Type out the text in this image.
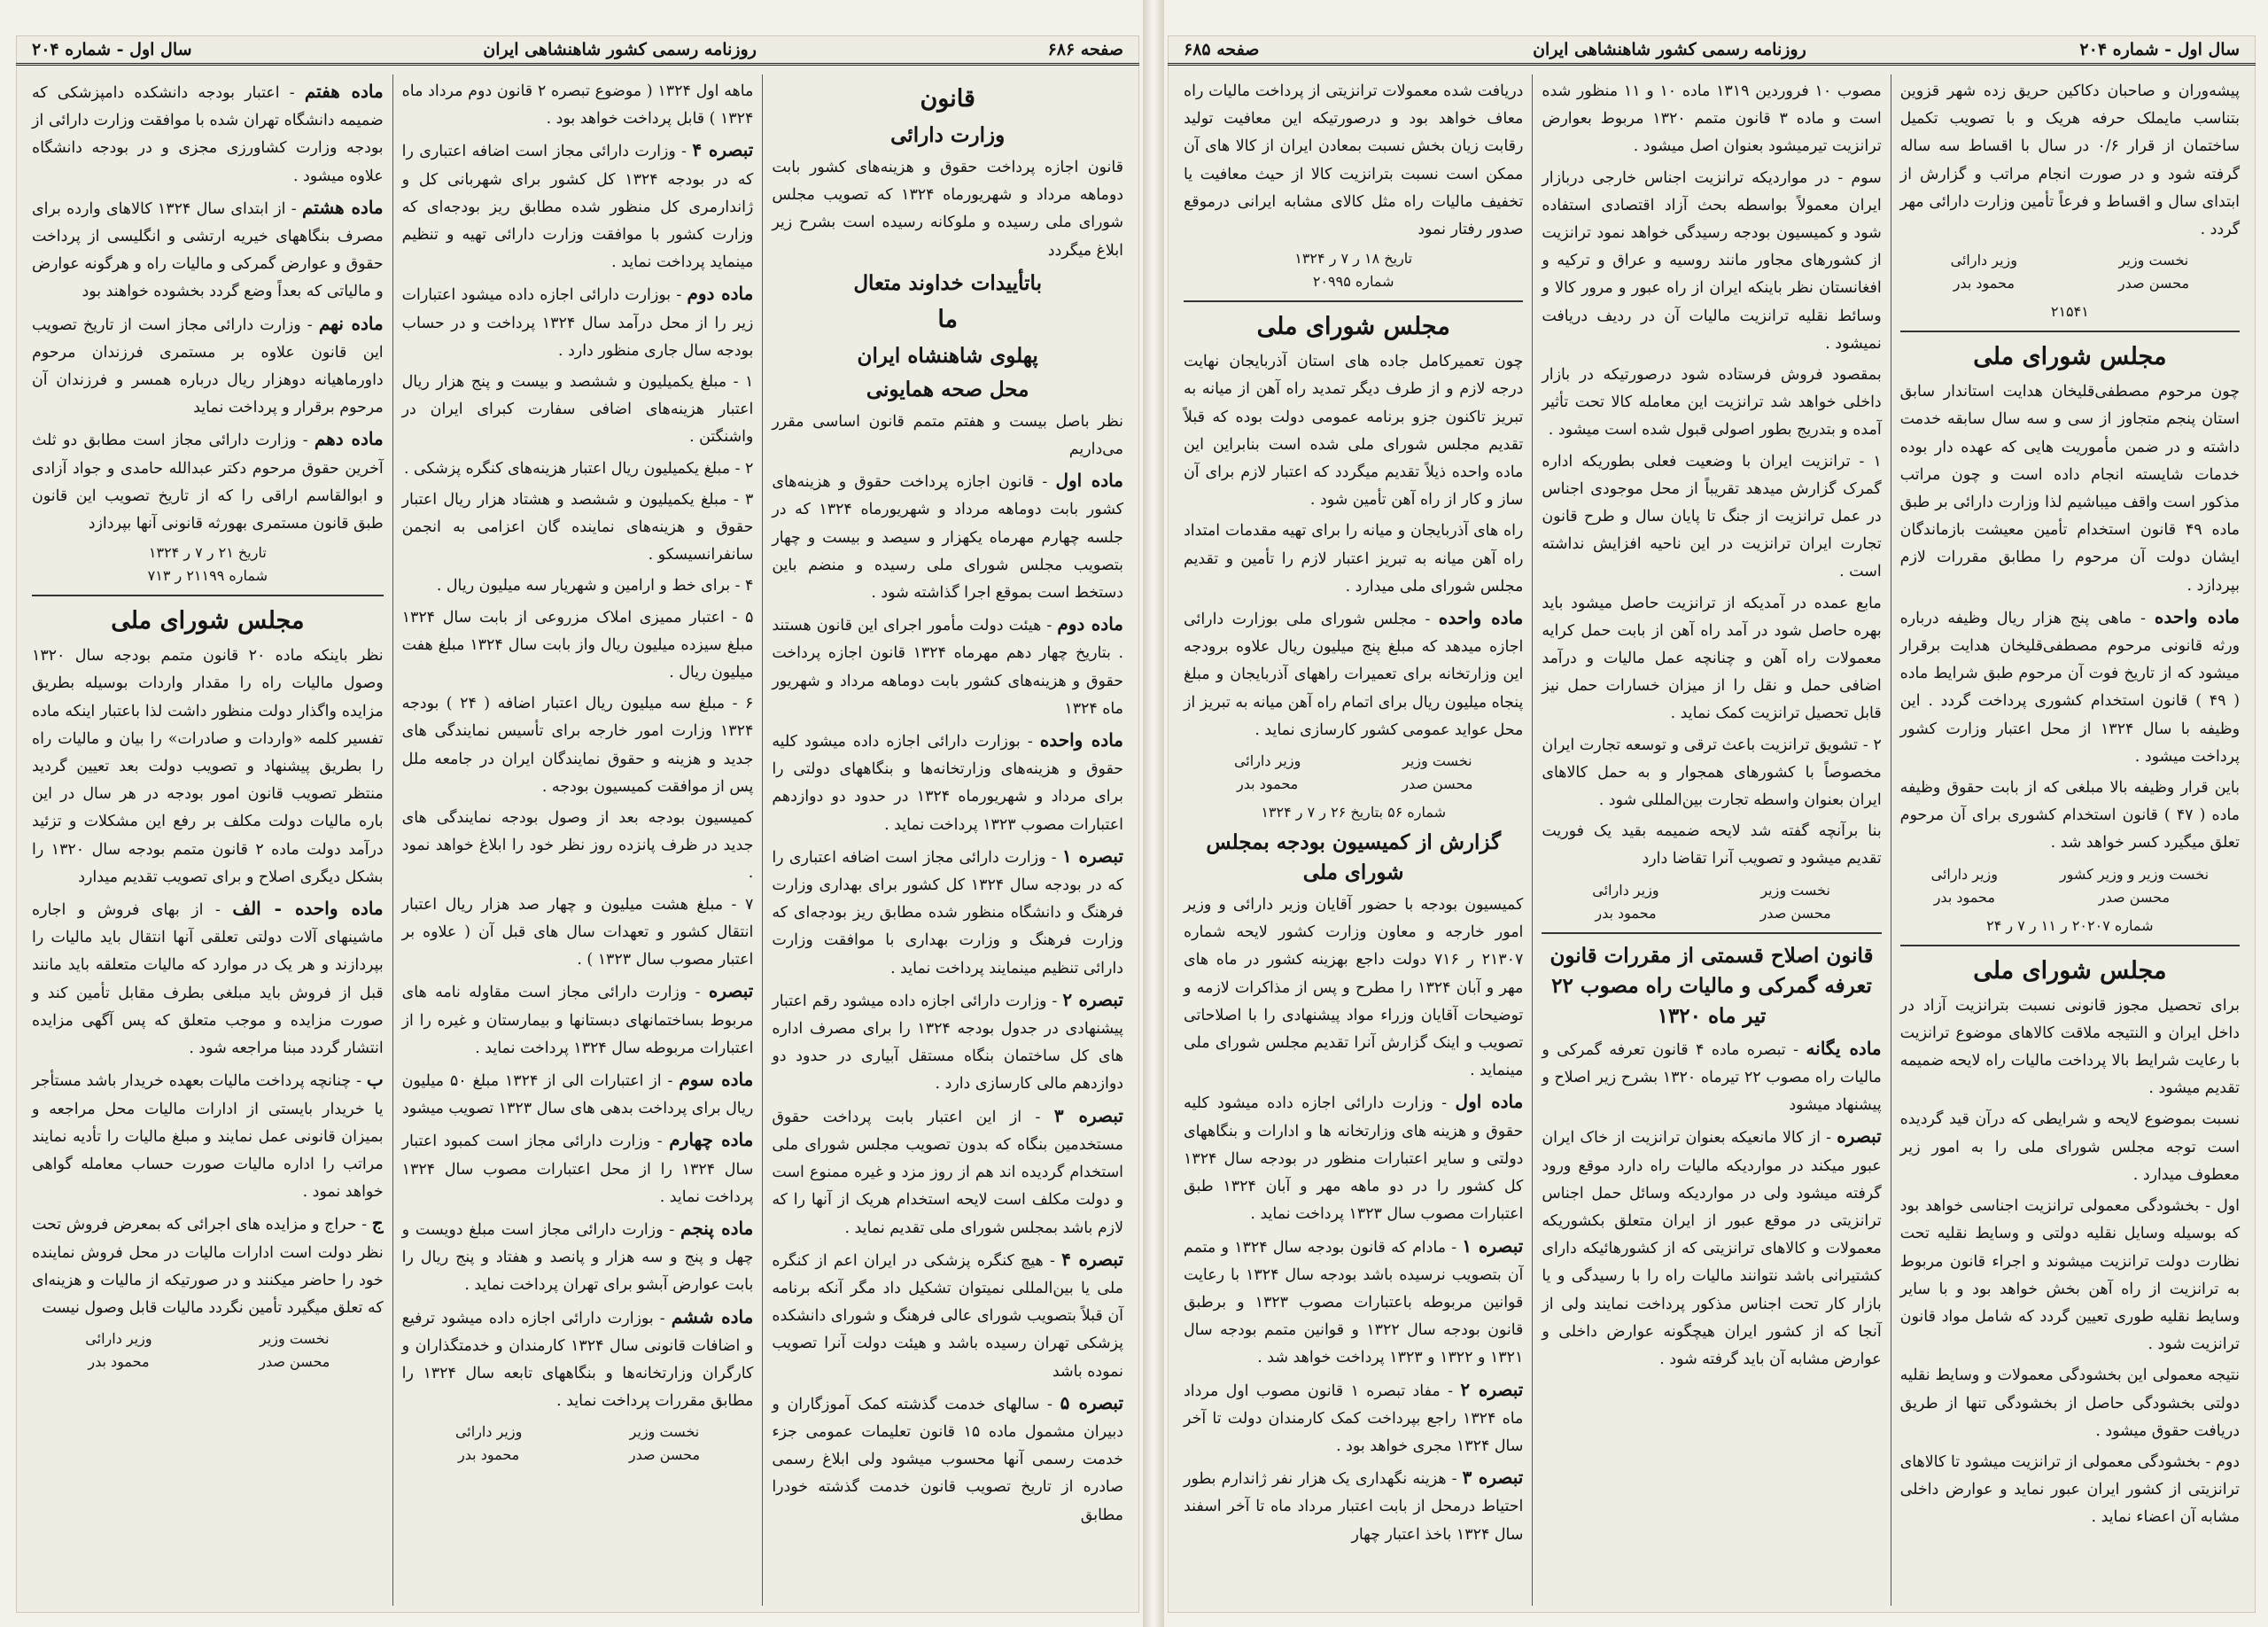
صفحه ۶۸۶
روزنامه رسمی کشور شاهنشاهی ایران
سال اول - شماره ۲۰۴
قانون
وزارت دارائی

قانون اجازه پرداخت حقوق و هزینه‌های کشور بابت دوماهه مرداد و شهریورماه ۱۳۲۴ که تصویب مجلس شورای ملی رسیده و ملوکانه رسیده است بشرح زیر ابلاغ میگردد

باتأییدات خداوند متعال
ما
پهلوی شاهنشاه ایران
محل صحه همایونی

نظر باصل بیست و هفتم متمم قانون اساسی مقرر می‌داریم

ماده اول - قانون اجازه پرداخت حقوق و هزینه‌های کشور بابت دوماهه مرداد و شهریورماه ۱۳۲۴ که در جلسه چهارم مهرماه یکهزار و سیصد و بیست و چهار بتصویب مجلس شورای ملی رسیده و منضم باین دستخط است بموقع اجرا گذاشته شود .

ماده دوم - هیئت دولت مأمور اجرای این قانون هستند . بتاریخ چهار دهم مهرماه ۱۳۲۴ قانون اجازه پرداخت حقوق و هزینه‌های کشور بابت دوماهه مرداد و شهریور ماه ۱۳۲۴

ماده واحده - بوزارت دارائی اجازه داده میشود کلیه حقوق و هزینه‌های وزارتخانه‌ها و بنگاههای دولتی را برای مرداد و شهریورماه ۱۳۲۴ در حدود دو دوازدهم اعتبارات مصوب ۱۳۲۳ پرداخت نماید .

تبصره ۱ - وزارت دارائی مجاز است اضافه اعتباری را که در بودجه سال ۱۳۲۴ کل کشور برای بهداری وزارت فرهنگ و دانشگاه منظور شده مطابق ریز بودجه‌ای که وزارت فرهنگ و وزارت بهداری با موافقت وزارت دارائی تنظیم مینمایند پرداخت نماید .

تبصره ۲ - وزارت دارائی اجازه داده میشود رقم اعتبار پیشنهادی در جدول بودجه ۱۳۲۴ را برای مصرف اداره های کل ساختمان بنگاه مستقل آبیاری در حدود دو دوازدهم مالی کارسازی دارد .

تبصره ۳ - از این اعتبار بابت پرداخت حقوق مستخدمین بنگاه که بدون تصویب مجلس شورای ملی استخدام گردیده اند هم از روز مزد و غیره ممنوع است و دولت مکلف است لایحه استخدام هریک از آنها را که لازم باشد بمجلس شورای ملی تقدیم نماید .

تبصره ۴ - هیچ کنگره پزشکی در ایران اعم از کنگره ملی یا بین‌المللی نمیتوان تشکیل داد مگر آنکه برنامه آن قبلاً بتصویب شورای عالی فرهنگ و شورای دانشکده پزشکی تهران رسیده باشد و هیئت دولت آنرا تصویب نموده باشد

تبصره ۵ - سالهای خدمت گذشته کمک آموزگاران و دبیران مشمول ماده ۱۵ قانون تعلیمات عمومی جزء خدمت رسمی آنها محسوب میشود ولی ابلاغ رسمی صادره از تاریخ تصویب قانون خدمت گذشته خودرا مطابق

ماهه اول ۱۳۲۴ ( موضوع تبصره ۲ قانون دوم مرداد ماه ۱۳۲۴ ) قابل پرداخت خواهد بود .

تبصره ۴ - وزارت دارائی مجاز است اضافه اعتباری را که در بودجه ۱۳۲۴ کل کشور برای شهربانی کل و ژاندارمری کل منظور شده مطابق ریز بودجه‌ای که وزارت کشور با موافقت وزارت دارائی تهیه و تنظیم مینماید پرداخت نماید .

ماده دوم - بوزارت دارائی اجازه داده میشود اعتبارات زیر را از محل درآمد سال ۱۳۲۴ پرداخت و در حساب بودجه سال جاری منظور دارد .

۱ - مبلغ یکمیلیون و ششصد و بیست و پنج هزار ریال اعتبار هزینه‌های اضافی سفارت کبرای ایران در واشنگتن .

۲ - مبلغ یکمیلیون ریال اعتبار هزینه‌های کنگره پزشکی .

۳ - مبلغ یکمیلیون و ششصد و هشتاد هزار ریال اعتبار حقوق و هزینه‌های نماینده گان اعزامی به انجمن سانفرانسیسکو .

۴ - برای خط و ارامین و شهریار سه میلیون ریال .

۵ - اعتبار ممیزی املاک مزروعی از بابت سال ۱۳۲۴ مبلغ سیزده میلیون ریال واز بابت سال ۱۳۲۴ مبلغ هفت میلیون ریال .

۶ - مبلغ سه میلیون ریال اعتبار اضافه ( ۲۴ ) بودجه ۱۳۲۴ وزارت امور خارجه برای تأسیس نمایندگی های جدید و هزینه و حقوق نمایندگان ایران در جامعه ملل پس از موافقت کمیسیون بودجه .

کمیسیون بودجه بعد از وصول بودجه نمایندگی های جدید در ظرف پانزده روز نظر خود را ابلاغ خواهد نمود .

۷ - مبلغ هشت میلیون و چهار صد هزار ریال اعتبار انتقال کشور و تعهدات سال های قبل آن ( علاوه بر اعتبار مصوب سال ۱۳۲۳ ) .

تبصره - وزارت دارائی مجاز است مقاوله نامه های مربوط بساختمانهای دبستانها و بیمارستان و غیره را از اعتبارات مربوطه سال ۱۳۲۴ پرداخت نماید .

ماده سوم - از اعتبارات الی از ۱۳۲۴ مبلغ ۵۰ میلیون ریال برای پرداخت بدهی های سال ۱۳۲۳ تصویب میشود

ماده چهارم - وزارت دارائی مجاز است کمبود اعتبار سال ۱۳۲۴ را از محل اعتبارات مصوب سال ۱۳۲۴ پرداخت نماید .

ماده پنجم - وزارت دارائی مجاز است مبلغ دویست و چهل و پنج و سه هزار و پانصد و هفتاد و پنج ریال را بابت عوارض آبشو برای تهران پرداخت نماید .

ماده ششم - بوزارت دارائی اجازه داده میشود ترفیع و اضافات قانونی سال ۱۳۲۴ کارمندان و خدمتگذاران و کارگران وزارتخانه‌ها و بنگاههای تابعه سال ۱۳۲۴ را مطابق مقررات پرداخت نماید .

نخست وزیر
محسن صدر
وزیر دارائی
محمود بدر

ماده هفتم - اعتبار بودجه دانشکده دامپزشکی که ضمیمه دانشگاه تهران شده با موافقت وزارت دارائی از بودجه وزارت کشاورزی مجزی و در بودجه دانشگاه علاوه میشود .

ماده هشتم - از ابتدای سال ۱۳۲۴ کالاهای وارده برای مصرف بنگاههای خیریه ارتشی و انگلیسی از پرداخت حقوق و عوارض گمرکی و مالیات راه و هرگونه عوارض و مالیاتی که بعداً وضع گردد بخشوده خواهند بود

ماده نهم - وزارت دارائی مجاز است از تاریخ تصویب این قانون علاوه بر مستمری فرزندان مرحوم داورماهیانه دوهزار ریال درباره همسر و فرزندان آن مرحوم برقرار و پرداخت نماید

ماده دهم - وزارت دارائی مجاز است مطابق دو ثلث آخرین حقوق مرحوم دکتر عبدالله حامدی و جواد آزادی و ابوالقاسم اراقی را که از تاریخ تصویب این قانون طبق قانون مستمری بهورثه قانونی آنها بپردازد

تاریخ ۲۱ ر ۷ ر ۱۳۲۴
شماره ۲۱۱۹۹ ر ۷۱۳
مجلس شورای ملی

نظر باینکه ماده ۲۰ قانون متمم بودجه سال ۱۳۲۰ وصول مالیات راه را مقدار واردات بوسیله بطریق مزایده واگذار دولت منظور داشت لذا باعتبار اینکه ماده تفسیر کلمه «واردات و صادرات» را بیان و مالیات راه را بطریق پیشنهاد و تصویب دولت بعد تعیین گردید منتظر تصویب قانون امور بودجه در هر سال در این باره مالیات دولت مکلف بر رفع این مشکلات و تزئید درآمد دولت ماده ۲ قانون متمم بودجه سال ۱۳۲۰ را بشکل دیگری اصلاح و برای تصویب تقدیم میدارد

ماده واحده - الف - از بهای فروش و اجاره ماشینهای آلات دولتی تعلقی آنها انتقال باید مالیات را بپردازند و هر یک در موارد که مالیات متعلقه باید مانند قبل از فروش باید مبلغی بطرف مقابل تأمین کند و صورت مزایده و موجب متعلق که پس آگهی مزایده انتشار گردد مبنا مراجعه شود .

ب - چنانچه پرداخت مالیات بعهده خریدار باشد مستأجر یا خریدار بایستی از ادارات مالیات محل مراجعه و بمیزان قانونی عمل نمایند و مبلغ مالیات را تأدیه نمایند مراتب را اداره مالیات صورت حساب معامله گواهی خواهد نمود .

ج - حراج و مزایده های اجرائی که بمعرض فروش تحت نظر دولت است ادارات مالیات در محل فروش نماینده خود را حاضر میکنند و در صورتیکه از مالیات و هزینه‌ای که تعلق میگیرد تأمین نگردد مالیات قابل وصول نیست

نخست وزیر
محسن صدر
وزیر دارائی
محمود بدر
سال اول - شماره ۲۰۴
روزنامه رسمی کشور شاهنشاهی ایران
صفحه ۶۸۵

پیشه‌وران و صاحبان دکاکین حریق زده شهر قزوین بتناسب مایملک حرفه هریک و با تصویب تکمیل ساختمان از قرار ۰/۶ در سال با اقساط سه ساله گرفته شود و در صورت انجام مراتب و گزارش از ابتدای سال و اقساط و فرعاً تأمین وزارت دارائی مهر گردد .

نخست وزیر
محسن صدر
وزیر دارائی
محمود بدر
۲۱۵۴۱
مجلس شورای ملی

چون مرحوم مصطفی‌قلیخان هدایت استاندار سابق استان پنجم متجاوز از سی و سه سال سابقه خدمت داشته و در ضمن مأموریت هایی که عهده دار بوده خدمات شایسته انجام داده است و چون مراتب مذکور است واقف میباشیم لذا وزارت دارائی بر طبق ماده ۴۹ قانون استخدام تأمین معیشت بازماندگان ایشان دولت آن مرحوم را مطابق مقررات لازم بپردازد .

ماده واحده - ماهی پنج هزار ریال وظیفه درباره ورثه قانونی مرحوم مصطفی‌قلیخان هدایت برقرار میشود که از تاریخ فوت آن مرحوم طبق شرایط ماده ( ۴۹ ) قانون استخدام کشوری پرداخت گردد . این وظیفه با سال ۱۳۲۴ از محل اعتبار وزارت کشور پرداخت میشود .

باین قرار وظیفه بالا مبلغی که از بابت حقوق وظیفه ماده ( ۴۷ ) قانون استخدام کشوری برای آن مرحوم تعلق میگیرد کسر خواهد شد .

نخست وزیر و وزیر کشور
محسن صدر
وزیر دارائی
محمود بدر
شماره ۲۰۲۰۷ ر ۱۱ ر ۷ ر ۲۴
مجلس شورای ملی

برای تحصیل مجوز قانونی نسبت بترانزیت آزاد در داخل ایران و النتیجه ملاقت کالاهای موضوع ترانزیت با رعایت شرایط بالا پرداخت مالیات راه لایحه ضمیمه تقدیم میشود .

نسبت بموضوع لایحه و شرایطی که درآن قید گردیده است توجه مجلس شورای ملی را به امور زیر معطوف میدارد .

اول - بخشودگی معمولی ترانزیت اجناسی خواهد بود که بوسیله وسایل نقلیه دولتی و وسایط نقلیه تحت نظارت دولت ترانزیت میشوند و اجراء قانون مربوط به ترانزیت از راه آهن بخش خواهد بود و با سایر وسایط نقلیه طوری تعیین گردد که شامل مواد قانون ترانزیت شود .

نتیجه معمولی این بخشودگی معمولات و وسایط نقلیه دولتی بخشودگی حاصل از بخشودگی تنها از طریق دریافت حقوق میشود .

دوم - بخشودگی معمولی از ترانزیت میشود تا کالاهای ترانزیتی از کشور ایران عبور نماید و عوارض داخلی مشابه آن اعضاء نماید .

مصوب ۱۰ فروردین ۱۳۱۹ ماده ۱۰ و ۱۱ منظور شده است و ماده ۳ قانون متمم ۱۳۲۰ مربوط بعوارض ترانزیت تیرمیشود بعنوان اصل میشود .

سوم - در مواردیکه ترانزیت اجناس خارجی دربازار ایران معمولاً بواسطه بحث آزاد اقتصادی استفاده شود و کمیسیون بودجه رسیدگی خواهد نمود ترانزیت از کشورهای مجاور مانند روسیه و عراق و ترکیه و افغانستان نظر باینکه ایران از راه عبور و مرور کالا و وسائط نقلیه ترانزیت مالیات آن در ردیف دریافت نمیشود .

بمقصود فروش فرستاده شود درصورتیکه در بازار داخلی خواهد شد ترانزیت این معامله کالا تحت تأثیر آمده و بتدریج بطور اصولی قبول شده است میشود .

۱ - ترانزیت ایران با وضعیت فعلی بطوریکه اداره گمرک گزارش میدهد تقریباً از محل موجودی اجناس در عمل ترانزیت از جنگ تا پایان سال و طرح قانون تجارت ایران ترانزیت در این ناحیه افزایش نداشته است .

مابع عمده در آمدیکه از ترانزیت حاصل میشود باید بهره حاصل شود در آمد راه آهن از بابت حمل کرایه معمولات راه آهن و چنانچه عمل مالیات و درآمد اضافی حمل و نقل را از میزان خسارات حمل نیز قابل تحصیل ترانزیت کمک نماید .

۲ - تشویق ترانزیت باعث ترقی و توسعه تجارت ایران مخصوصاً با کشورهای همجوار و به حمل کالاهای ایران بعنوان واسطه تجارت بین‌المللی شود .

بنا برآنچه گفته شد لایحه ضمیمه بقید یک فوریت تقدیم میشود و تصویب آنرا تقاضا دارد

نخست وزیر
محسن صدر
وزیر دارائی
محمود بدر
قانون اصلاح قسمتی از مقررات قانون تعرفه گمرکی و مالیات راه مصوب ۲۲ تیر ماه ۱۳۲۰

ماده یگانه - تبصره ماده ۴ قانون تعرفه گمرکی و مالیات راه مصوب ۲۲ تیرماه ۱۳۲۰ بشرح زیر اصلاح و پیشنهاد میشود

تبصره - از کالا مانعیکه بعنوان ترانزیت از خاک ایران عبور میکند در مواردیکه مالیات راه دارد موقع ورود گرفته میشود ولی در مواردیکه وسائل حمل اجناس ترانزیتی در موقع عبور از ایران متعلق بکشوریکه معمولات و کالاهای ترانزیتی که از کشورهائیکه دارای کشتیرانی باشد نتوانند مالیات راه را با رسیدگی و یا بازار کار تحت اجناس مذکور پرداخت نمایند ولی از آنجا که از کشور ایران هیچگونه عوارض داخلی و عوارض مشابه آن باید گرفته شود .

دریافت شده معمولات ترانزیتی از پرداخت مالیات راه معاف خواهد بود و درصورتیکه این معافیت تولید رقابت زیان بخش نسبت بمعادن ایران از کالا های آن ممکن است نسبت بترانزیت کالا از حیث معافیت یا تخفیف مالیات راه مثل کالای مشابه ایرانی درموقع صدور رفتار نمود

تاریخ ۱۸ ر ۷ ر ۱۳۲۴
شماره ۲۰۹۹۵
مجلس شورای ملی

چون تعمیرکامل جاده های استان آذربایجان نهایت درجه لازم و از طرف دیگر تمدید راه آهن از میانه به تبریز تاکنون جزو برنامه عمومی دولت بوده که قبلاً تقدیم مجلس شورای ملی شده است بنابراین این ماده واحده ذیلاً تقدیم میگردد که اعتبار لازم برای آن ساز و کار از راه آهن تأمین شود .

راه های آذربایجان و میانه را برای تهیه مقدمات امتداد راه آهن میانه به تبریز اعتبار لازم را تأمین و تقدیم مجلس شورای ملی میدارد .

ماده واحده - مجلس شورای ملی بوزارت دارائی اجازه میدهد که مبلغ پنج میلیون ریال علاوه برودجه این وزارتخانه برای تعمیرات راههای آذربایجان و مبلغ پنجاه میلیون ریال برای اتمام راه آهن میانه به تبریز از محل عواید عمومی کشور کارسازی نماید .

نخست وزیر
محسن صدر
وزیر دارائی
محمود بدر
شماره ۵۶ بتاریخ ۲۶ ر ۷ ر ۱۳۲۴
گزارش از کمیسیون بودجه بمجلس شورای ملی

کمیسیون بودجه با حضور آقایان وزیر دارائی و وزیر امور خارجه و معاون وزارت کشور لایحه شماره ۲۱۳۰۷ ر ۷۱۶ دولت داجع بهزینه کشور در ماه های مهر و آبان ۱۳۲۴ را مطرح و پس از مذاکرات لازمه و توضیحات آقایان وزراء مواد پیشنهادی را با اصلاحاتی تصویب و اینک گزارش آنرا تقدیم مجلس شورای ملی مینماید .

ماده اول - وزارت دارائی اجازه داده میشود کلیه حقوق و هزینه های وزارتخانه ها و ادارات و بنگاههای دولتی و سایر اعتبارات منظور در بودجه سال ۱۳۲۴ کل کشور را در دو ماهه مهر و آبان ۱۳۲۴ طبق اعتبارات مصوب سال ۱۳۲۳ پرداخت نماید .

تبصره ۱ - مادام که قانون بودجه سال ۱۳۲۴ و متمم آن بتصویب نرسیده باشد بودجه سال ۱۳۲۴ با رعایت قوانین مربوطه باعتبارات مصوب ۱۳۲۳ و برطبق قانون بودجه سال ۱۳۲۲ و قوانین متمم بودجه سال ۱۳۲۱ و ۱۳۲۲ و ۱۳۲۳ پرداخت خواهد شد .

تبصره ۲ - مفاد تبصره ۱ قانون مصوب اول مرداد ماه ۱۳۲۴ راجع بپرداخت کمک کارمندان دولت تا آخر سال ۱۳۲۴ مجری خواهد بود .

تبصره ۳ - هزینه نگهداری یک هزار نفر ژاندارم بطور احتیاط درمحل از بابت اعتبار مرداد ماه تا آخر اسفند سال ۱۳۲۴ باخذ اعتبار چهار
